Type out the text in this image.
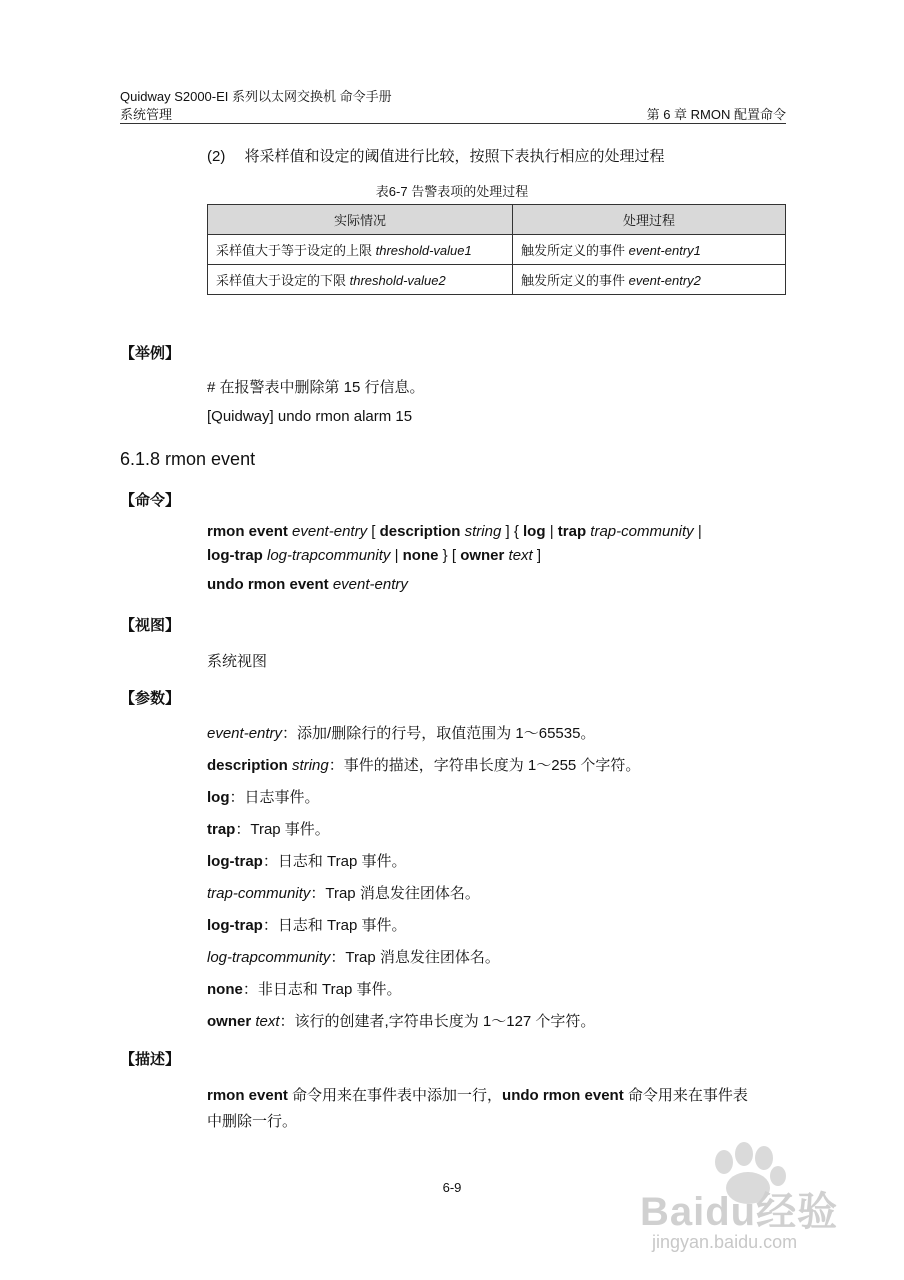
Quidway S2000-EI 系列以太网交换机 命令手册
系统管理	第 6 章 RMON 配置命令
(2)　 将采样值和设定的阈值进行比较，按照下表执行相应的处理过程
表6-7 告警表项的处理过程
实际情况	处理过程
采样值大于等于设定的上限 threshold-value1	触发所定义的事件 event-entry1
采样值大于设定的下限 threshold-value2	触发所定义的事件 event-entry2
【举例】
# 在报警表中删除第 15 行信息。
[Quidway] undo rmon alarm 15
6.1.8 rmon event
【命令】
rmon event event-entry [ description string ] { log | trap trap-community |
log-trap log-trapcommunity | none } [ owner text ]
undo rmon event event-entry
【视图】
系统视图
【参数】
event-entry：添加/删除行的行号，取值范围为 1～65535。
description string：事件的描述，字符串长度为 1～255 个字符。
log：日志事件。
trap：Trap 事件。
log-trap：日志和 Trap 事件。
trap-community：Trap 消息发往团体名。
log-trap：日志和 Trap 事件。
log-trapcommunity：Trap 消息发往团体名。
none：非日志和 Trap 事件。
owner text：该行的创建者,字符串长度为 1～127 个字符。
【描述】
rmon event 命令用来在事件表中添加一行，undo rmon event 命令用来在事件表
中删除一行。
6-9
Baidu经验
jingyan.baidu.com
